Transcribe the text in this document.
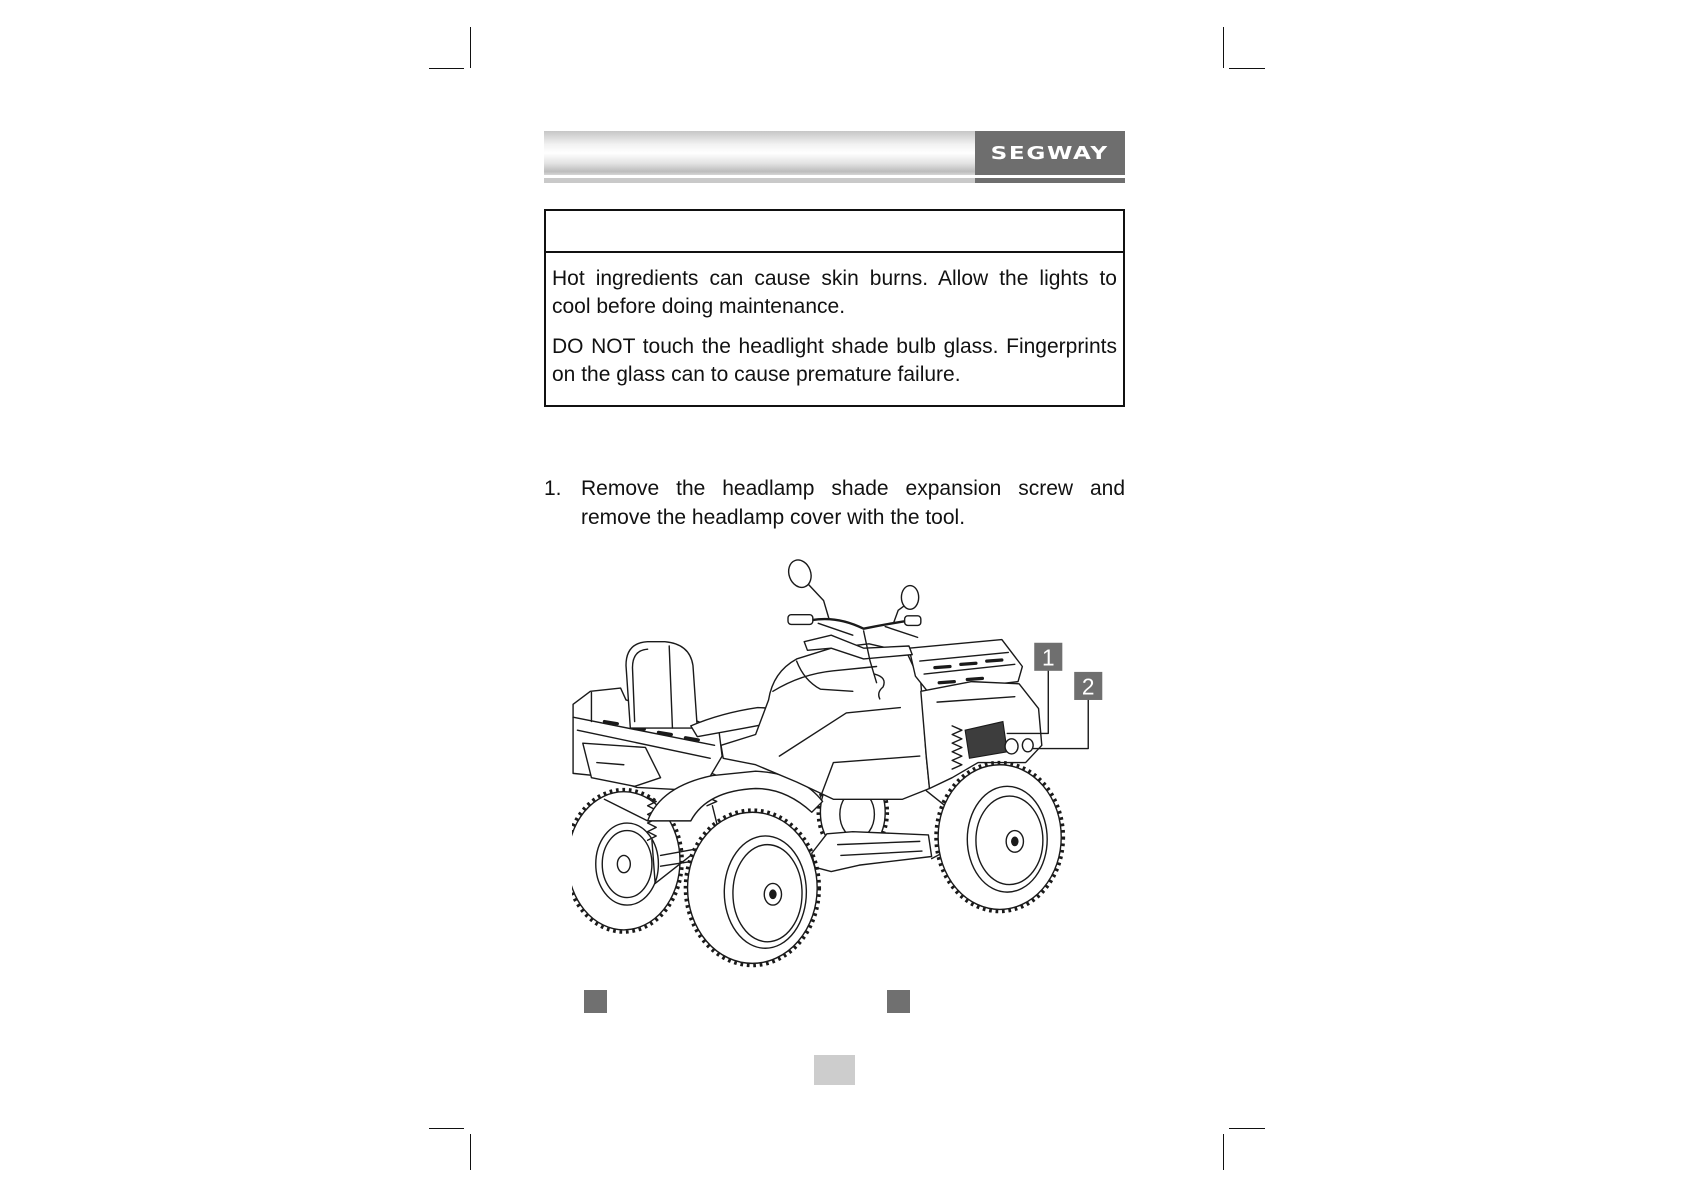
SEGWAY

Hot ingredients can cause skin burns. Allow the lights to
cool before doing maintenance.

DO NOT touch the headlight shade bulb glass. Fingerprints
on the glass can to cause premature failure.

1. Remove the headlamp shade expansion screw and
remove the headlamp cover with the tool.
1
2
